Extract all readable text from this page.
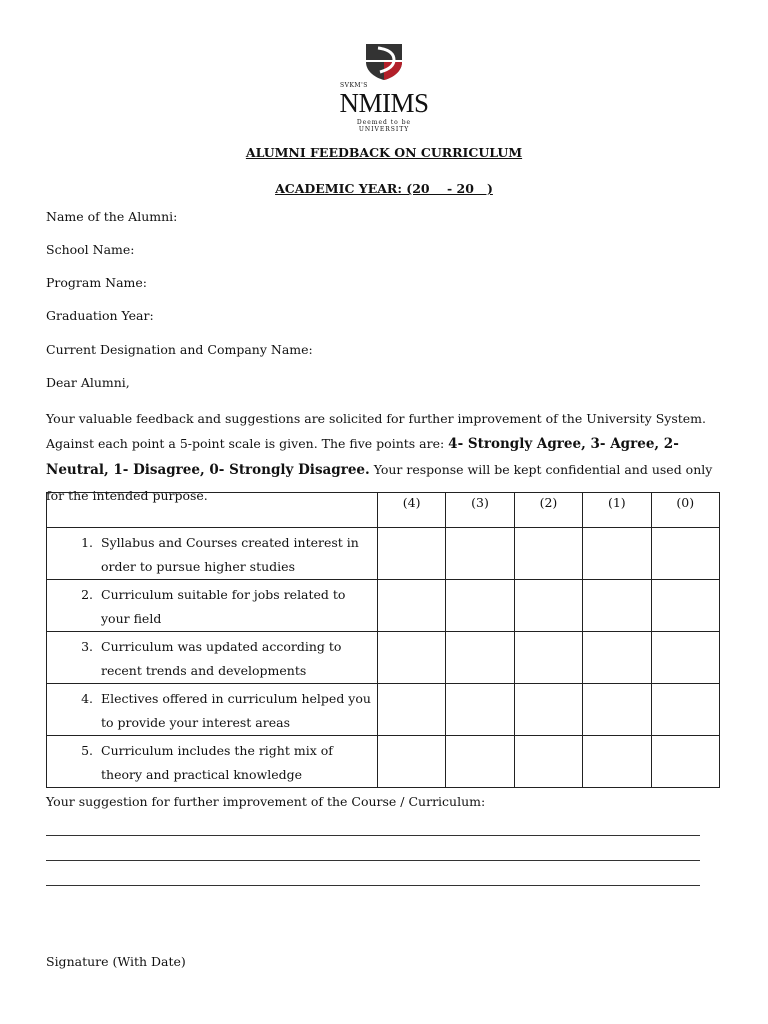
SVKM'S
NMIMS
Deemed to be UNIVERSITY
ALUMNI FEEDBACK ON CURRICULUM
ACADEMIC YEAR: (20    - 20   )
Name of the Alumni:
School Name:
Program Name:
Graduation Year:
Current Designation and Company Name:
Dear Alumni,
Your valuable feedback and suggestions are solicited for further improvement of the University System. Against each point a 5-point scale is given. The five points are: 4- Strongly Agree, 3- Agree, 2- Neutral, 1- Disagree, 0- Strongly Disagree. Your response will be kept confidential and used only for the intended purpose.
		(4)	(3)	(2)	(1)	(0)

1. Syllabus and Courses created interest in order to pursue higher studies					

2. Curriculum suitable for jobs related to your field					

3. Curriculum was updated according to recent trends and developments					

4. Electives offered in curriculum helped you to provide your interest areas					

5. Curriculum includes the right mix of theory and practical knowledge					

Your suggestion for further improvement of the Course / Curriculum:
Signature (With Date)
